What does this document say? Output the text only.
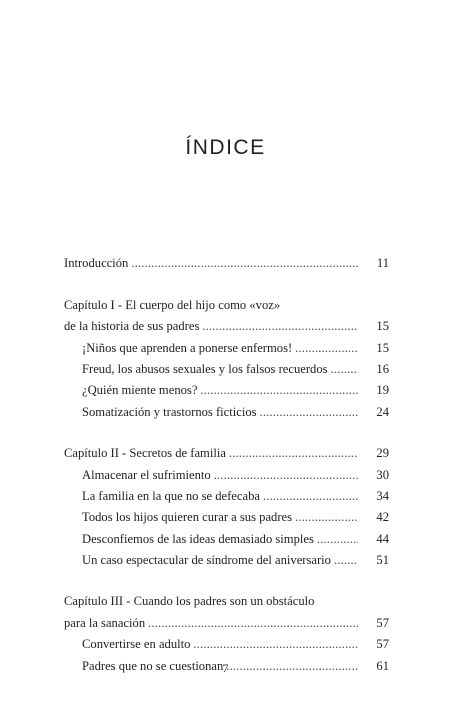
ÍNDICE
Introducción . . .	11
Capítulo I - El cuerpo del hijo como «voz»
de la historia de sus padres . . .	15
¡Niños que aprenden a ponerse enfermos! . . .	15
Freud, los abusos sexuales y los falsos recuerdos . . .	16
¿Quién miente menos? . . .	19
Somatización y trastornos ficticios . . .	24
Capítulo II - Secretos de familia . . .	29
Almacenar el sufrimiento . . .	30
La familia en la que no se defecaba . . .	34
Todos los hijos quieren curar a sus padres . . .	42
Desconfiemos de las ideas demasiado simples . . .	44
Un caso espectacular de síndrome del aniversario . . .	51
Capítulo III - Cuando los padres son un obstáculo
para la sanación . . .	57
Convertirse en adulto . . .	57
Padres que no se cuestionan . . .	61
7
